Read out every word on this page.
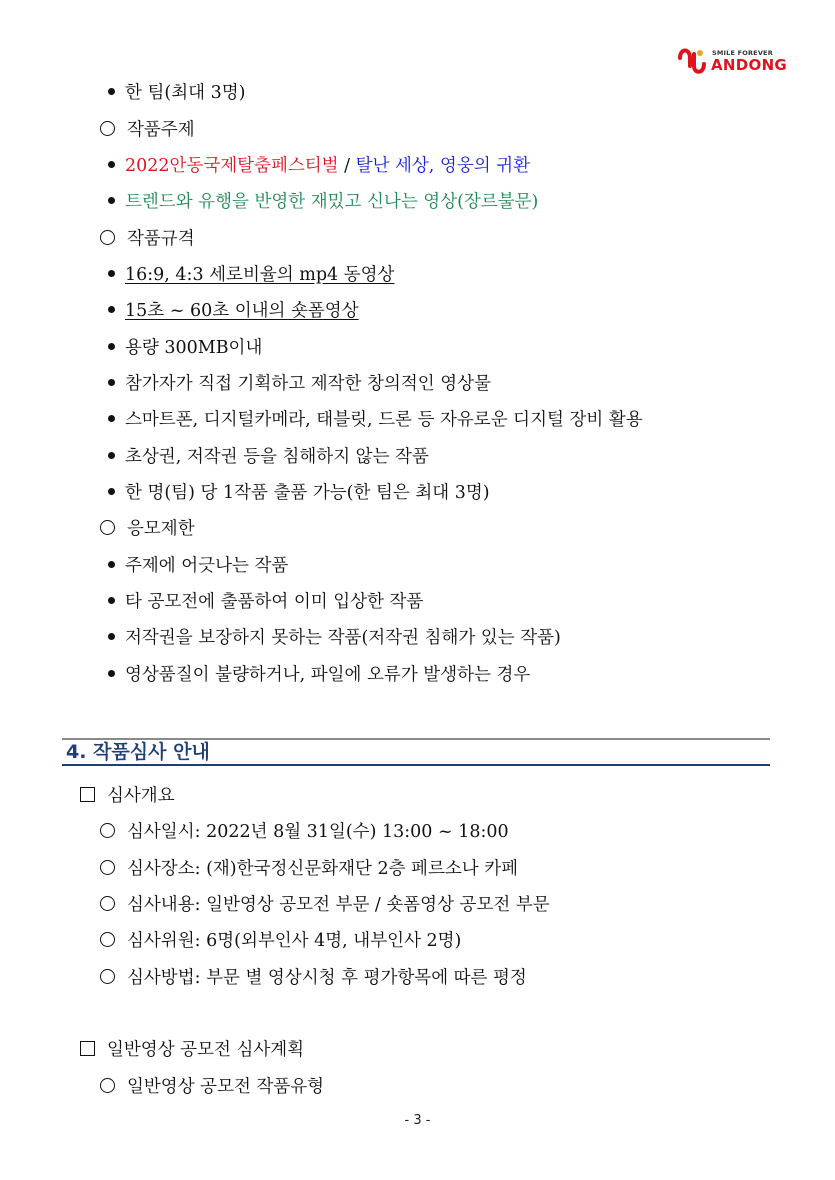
SMILE FOREVER
ANDONG
한 팀(최대 3명)
작품주제
2022안동국제탈춤페스티벌 / 탈난 세상, 영웅의 귀환
트렌드와 유행을 반영한 재밌고 신나는 영상(장르불문)
작품규격
16:9, 4:3 세로비율의 mp4 동영상
15초 ~ 60초 이내의 숏폼영상
용량 300MB이내
참가자가 직접 기획하고 제작한 창의적인 영상물
스마트폰, 디지털카메라, 태블릿, 드론 등 자유로운 디지털 장비 활용
초상권, 저작권 등을 침해하지 않는 작품
한 명(팀) 당 1작품 출품 가능(한 팀은 최대 3명)
응모제한
주제에 어긋나는 작품
타 공모전에 출품하여 이미 입상한 작품
저작권을 보장하지 못하는 작품(저작권 침해가 있는 작품)
영상품질이 불량하거나, 파일에 오류가 발생하는 경우
4. 작품심사 안내
심사개요
심사일시: 2022년 8월 31일(수) 13:00 ~ 18:00
심사장소: (재)한국정신문화재단 2층 페르소나 카페
심사내용: 일반영상 공모전 부문 / 숏폼영상 공모전 부문
심사위원: 6명(외부인사 4명, 내부인사 2명)
심사방법: 부문 별 영상시청 후 평가항목에 따른 평정
일반영상 공모전 심사계획
일반영상 공모전 작품유형
- 3 -
